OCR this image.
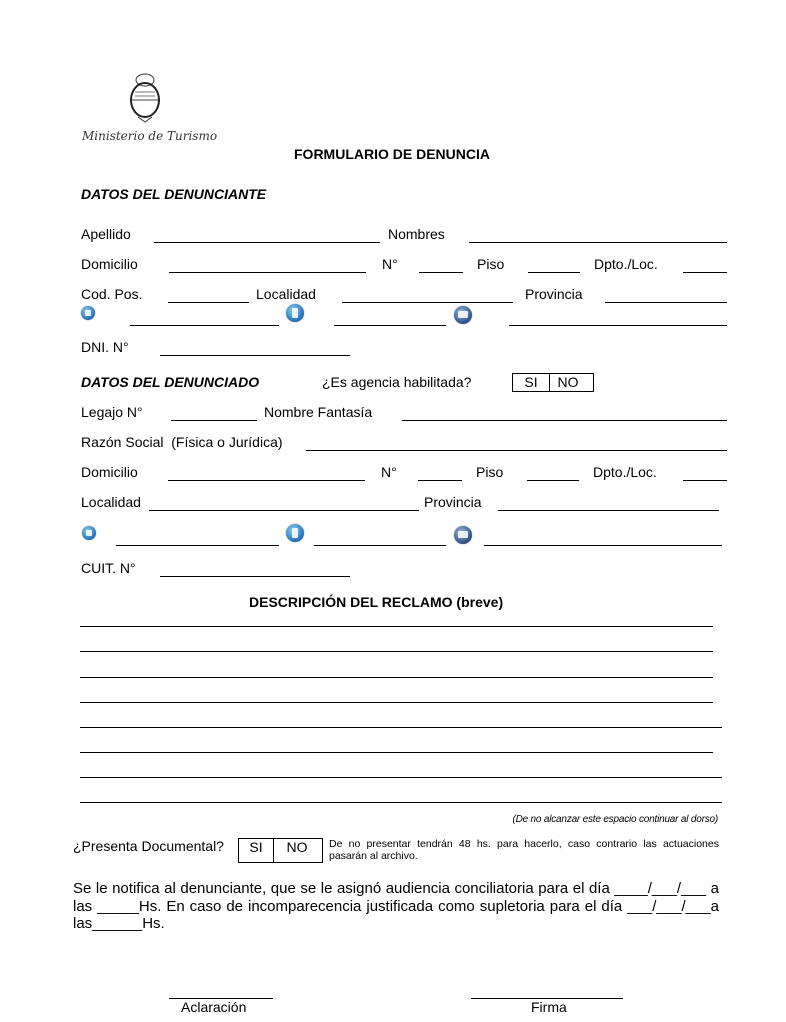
Ministerio de Turismo
FORMULARIO DE DENUNCIA
DATOS DEL DENUNCIANTE
Apellido	Nombres
Domicilio	N°	Piso	Dpto./Loc.
Cod. Pos.	Localidad	Provincia
DNI. N°
DATOS DEL DENUNCIADO	¿Es agencia habilitada?	SI	NO
Legajo N°	Nombre Fantasía
Razón Social  (Física o Jurídica)
Domicilio	N°	Piso	Dpto./Loc.
Localidad	Provincia
CUIT. N°
DESCRIPCIÓN DEL RECLAMO (breve)
(De no alcanzar este espacio continuar al dorso)
¿Presenta Documental?	SI	NO	De no presentar tendrán 48 hs. para hacerlo, caso contrario las actuaciones pasarán al archivo.
Se le notifica al denunciante, que se le asignó audiencia conciliatoria para el día ____/___/___ a las _____Hs. En caso de incomparecencia justificada como supletoria para el día ___/___/___a las______Hs.
Aclaración	Firma
